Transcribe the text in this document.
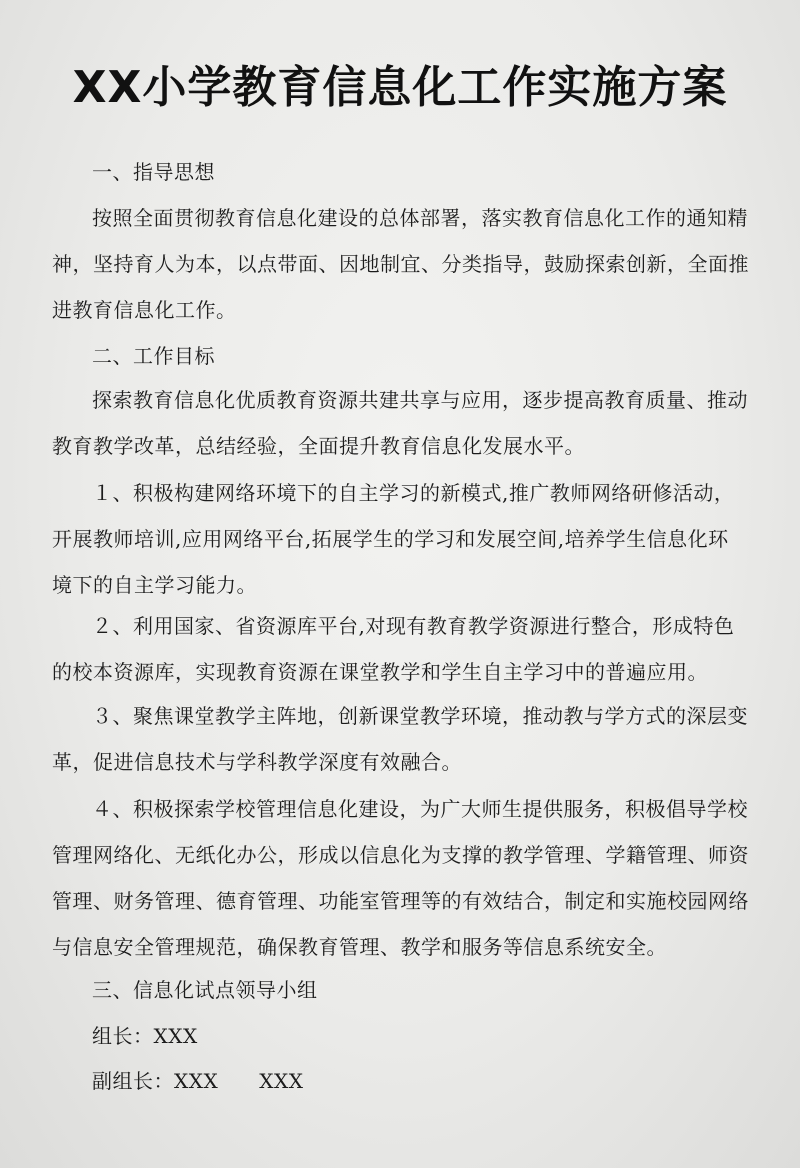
XX小学教育信息化工作实施方案
一、指导思想
按照全面贯彻教育信息化建设的总体部署，落实教育信息化工作的通知精
神，坚持育人为本，以点带面、因地制宜、分类指导，鼓励探索创新，全面推
进教育信息化工作。
二、工作目标
探索教育信息化优质教育资源共建共享与应用，逐步提高教育质量、推动
教育教学改革，总结经验，全面提升教育信息化发展水平。
１、积极构建网络环境下的自主学习的新模式,推广教师网络研修活动，
开展教师培训,应用网络平台,拓展学生的学习和发展空间,培养学生信息化环
境下的自主学习能力。
２、利用国家、省资源库平台,对现有教育教学资源进行整合，形成特色
的校本资源库，实现教育资源在课堂教学和学生自主学习中的普遍应用。
３、聚焦课堂教学主阵地，创新课堂教学环境，推动教与学方式的深层变
革，促进信息技术与学科教学深度有效融合。
４、积极探索学校管理信息化建设，为广大师生提供服务，积极倡导学校
管理网络化、无纸化办公，形成以信息化为支撑的教学管理、学籍管理、师资
管理、财务管理、德育管理、功能室管理等的有效结合，制定和实施校园网络
与信息安全管理规范，确保教育管理、教学和服务等信息系统安全。
三、信息化试点领导小组
组长：XXX
副组长：XXX　　XXX
